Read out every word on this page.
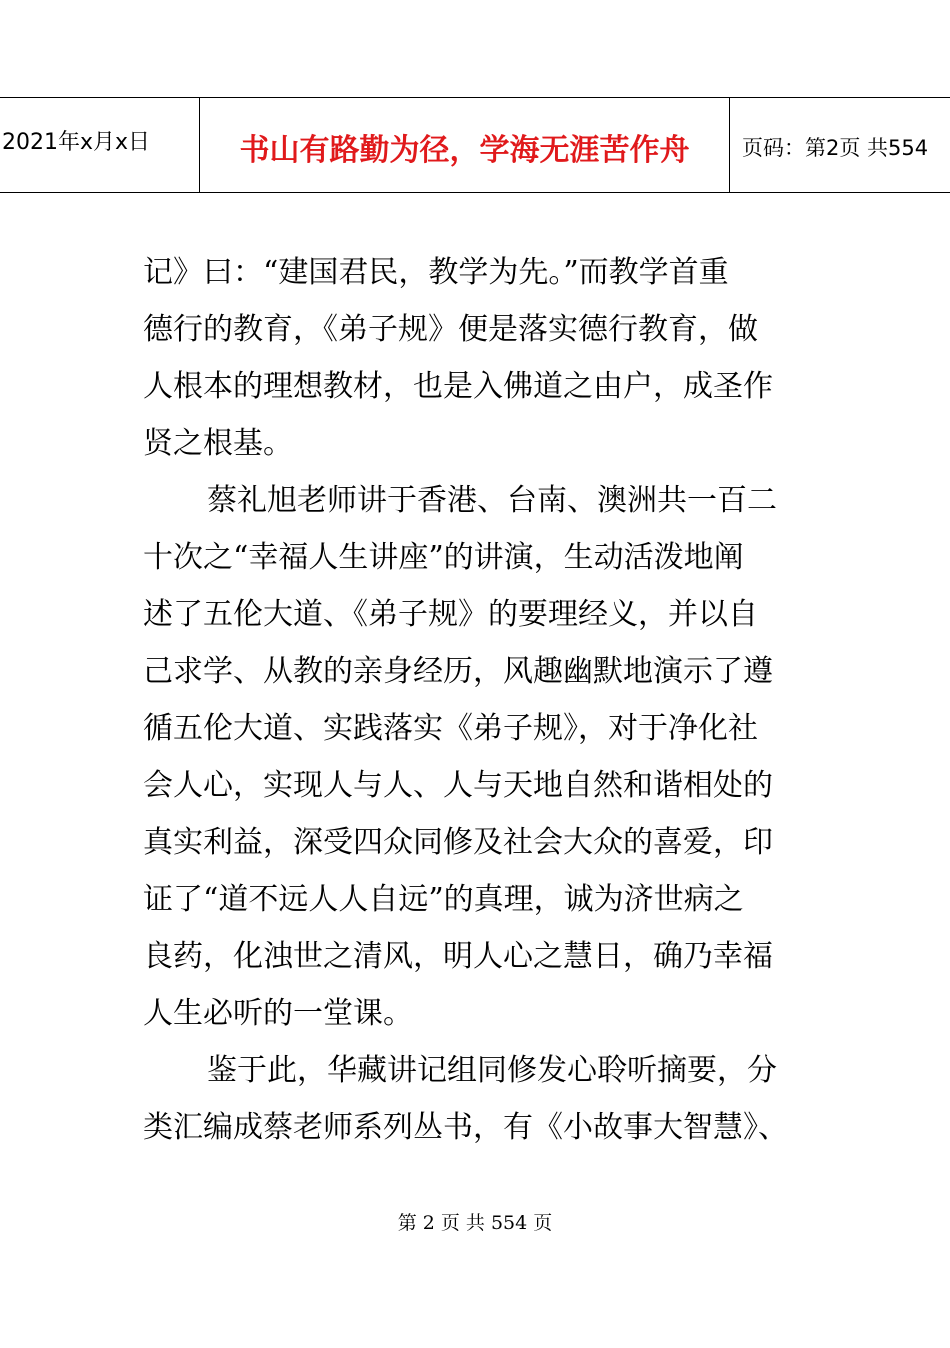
2021年x月x日	书山有路勤为径，学海无涯苦作舟	页码：第2页 共554
记》曰：“建国君民，教学为先。”而教学首重
德行的教育，《弟子规》便是落实德行教育，做
人根本的理想教材，也是入佛道之由户，成圣作
贤之根基。
蔡礼旭老师讲于香港、台南、澳洲共一百二
十次之“幸福人生讲座”的讲演，生动活泼地阐
述了五伦大道、《弟子规》的要理经义，并以自
己求学、从教的亲身经历，风趣幽默地演示了遵
循五伦大道、实践落实《弟子规》，对于净化社
会人心，实现人与人、人与天地自然和谐相处的
真实利益，深受四众同修及社会大众的喜爱，印
证了“道不远人人自远”的真理，诚为济世病之
良药，化浊世之清风，明人心之慧日，确乃幸福
人生必听的一堂课。
鉴于此，华藏讲记组同修发心聆听摘要，分
类汇编成蔡老师系列丛书，有《小故事大智慧》、
第 2 页 共 554 页
